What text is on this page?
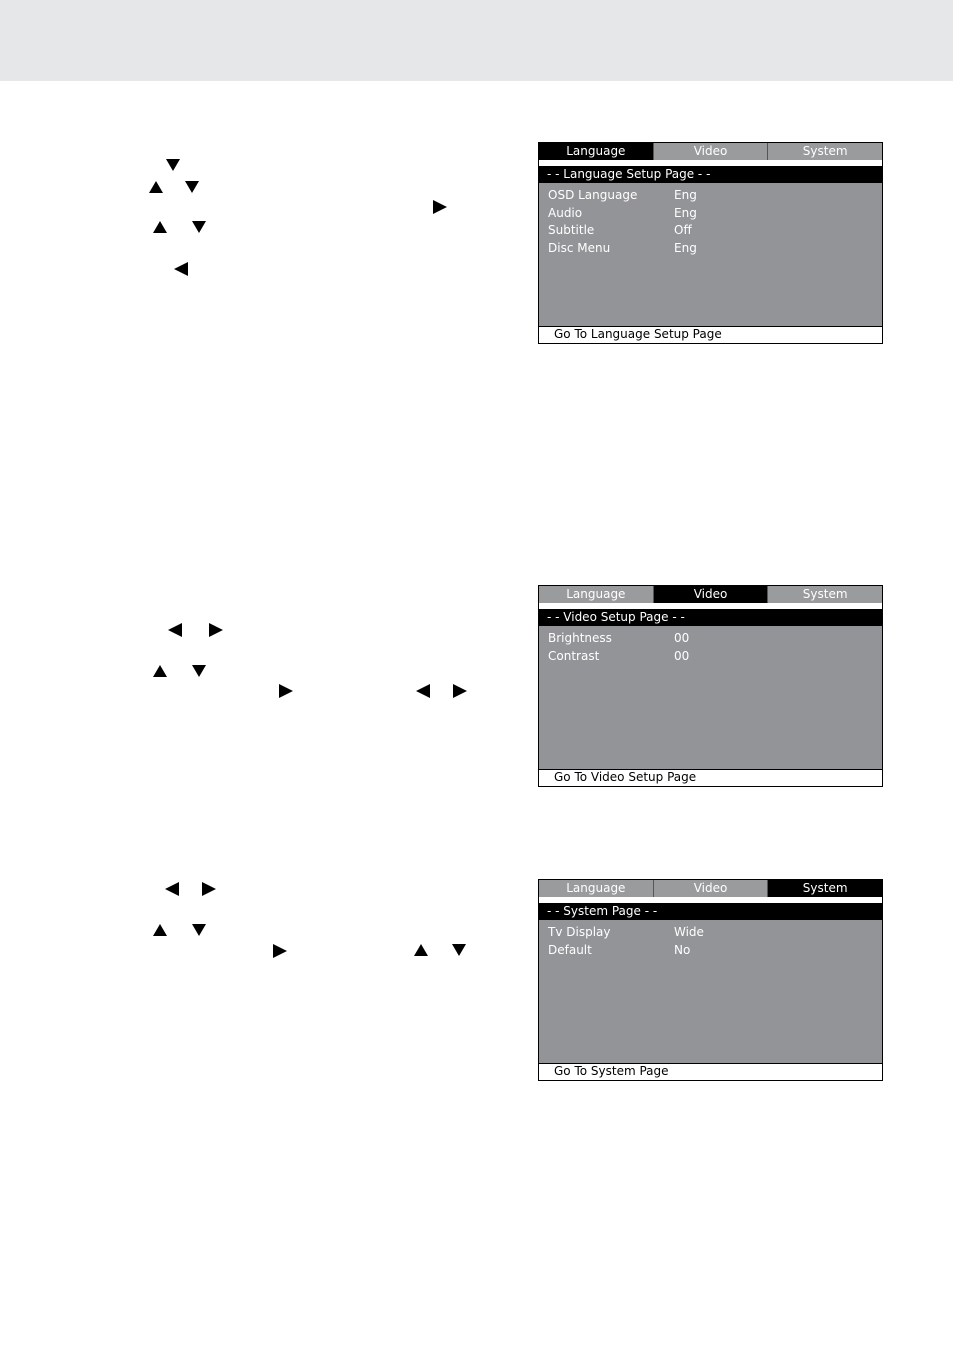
Language	Video	System
- - Language Setup Page - -
OSD Language	Eng
Audio	Eng
Subtitle	Off
Disc Menu	Eng
Go To Language Setup Page
Language	Video	System
- - Video Setup Page - -
Brightness	00
Contrast	00
Go To Video Setup Page
Language	Video	System
- - System Page - -
Tv Display	Wide
Default	No
Go To System Page
